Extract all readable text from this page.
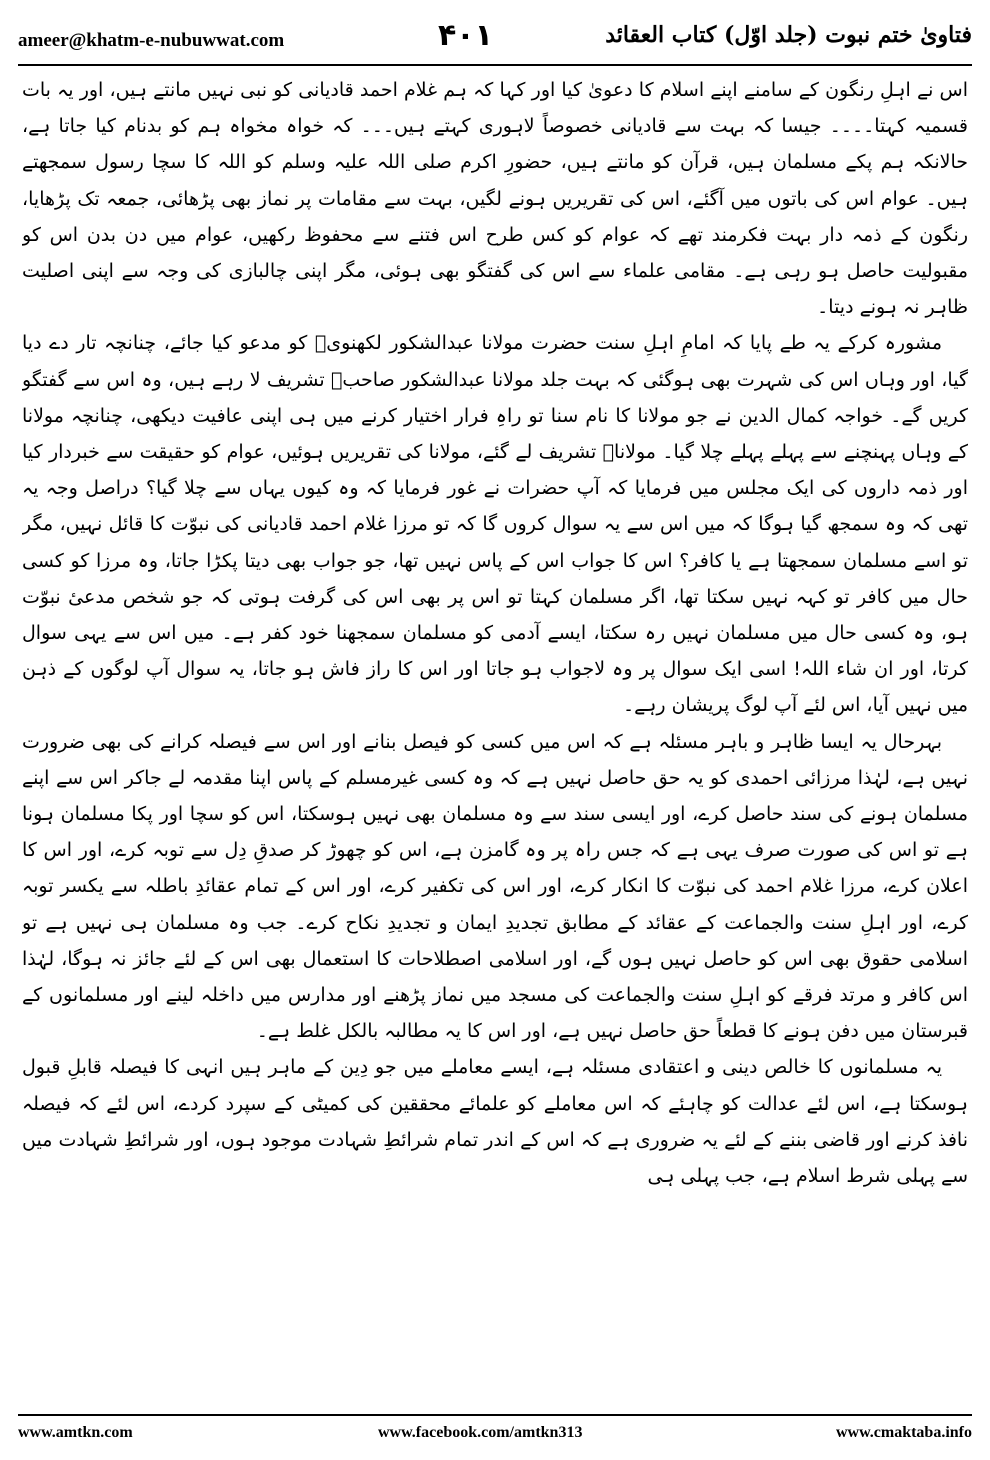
ameer@khatm-e-nubuwwat.com	۴۰۱	فتاویٰ ختم نبوت (جلد اوّل) کتاب العقائد

اس نے اہلِ رنگون کے سامنے اپنے اسلام کا دعویٰ کیا اور کہا کہ ہم غلام احمد قادیانی کو نبی نہیں مانتے ہیں، اور یہ بات قسمیہ کہتا۔۔۔۔ جیسا کہ بہت سے قادیانی خصوصاً لاہوری کہتے ہیں۔۔۔ کہ خواہ مخواہ ہم کو بدنام کیا جاتا ہے، حالانکہ ہم پکے مسلمان ہیں، قرآن کو مانتے ہیں، حضورِ اکرم صلی اللہ علیہ وسلم کو اللہ کا سچا رسول سمجھتے ہیں۔ عوام اس کی باتوں میں آگئے، اس کی تقریریں ہونے لگیں، بہت سے مقامات پر نماز بھی پڑھائی، جمعہ تک پڑھایا، رنگون کے ذمہ دار بہت فکرمند تھے کہ عوام کو کس طرح اس فتنے سے محفوظ رکھیں، عوام میں دن بدن اس کو مقبولیت حاصل ہو رہی ہے۔ مقامی علماء سے اس کی گفتگو بھی ہوئی، مگر اپنی چالبازی کی وجہ سے اپنی اصلیت ظاہر نہ ہونے دیتا۔

مشورہ کرکے یہ طے پایا کہ امامِ اہلِ سنت حضرت مولانا عبدالشکور لکھنویؒ کو مدعو کیا جائے، چنانچہ تار دے دیا گیا، اور وہاں اس کی شہرت بھی ہوگئی کہ بہت جلد مولانا عبدالشکور صاحبؒ تشریف لا رہے ہیں، وہ اس سے گفتگو کریں گے۔ خواجہ کمال الدین نے جو مولانا کا نام سنا تو راہِ فرار اختیار کرنے میں ہی اپنی عافیت دیکھی، چنانچہ مولانا کے وہاں پہنچنے سے پہلے پہلے چلا گیا۔ مولاناؒ تشریف لے گئے، مولانا کی تقریریں ہوئیں، عوام کو حقیقت سے خبردار کیا اور ذمہ داروں کی ایک مجلس میں فرمایا کہ آپ حضرات نے غور فرمایا کہ وہ کیوں یہاں سے چلا گیا؟ دراصل وجہ یہ تھی کہ وہ سمجھ گیا ہوگا کہ میں اس سے یہ سوال کروں گا کہ تو مرزا غلام احمد قادیانی کی نبوّت کا قائل نہیں، مگر تو اسے مسلمان سمجھتا ہے یا کافر؟ اس کا جواب اس کے پاس نہیں تھا، جو جواب بھی دیتا پکڑا جاتا، وہ مرزا کو کسی حال میں کافر تو کہہ نہیں سکتا تھا، اگر مسلمان کہتا تو اس پر بھی اس کی گرفت ہوتی کہ جو شخص مدعیٔ نبوّت ہو، وہ کسی حال میں مسلمان نہیں رہ سکتا، ایسے آدمی کو مسلمان سمجھنا خود کفر ہے۔ میں اس سے یہی سوال کرتا، اور ان شاء اللہ! اسی ایک سوال پر وہ لاجواب ہو جاتا اور اس کا راز فاش ہو جاتا، یہ سوال آپ لوگوں کے ذہن میں نہیں آیا، اس لئے آپ لوگ پریشان رہے۔

بہرحال یہ ایسا ظاہر و باہر مسئلہ ہے کہ اس میں کسی کو فیصل بنانے اور اس سے فیصلہ کرانے کی بھی ضرورت نہیں ہے، لہٰذا مرزائی احمدی کو یہ حق حاصل نہیں ہے کہ وہ کسی غیرمسلم کے پاس اپنا مقدمہ لے جاکر اس سے اپنے مسلمان ہونے کی سند حاصل کرے، اور ایسی سند سے وہ مسلمان بھی نہیں ہوسکتا، اس کو سچا اور پکا مسلمان ہونا ہے تو اس کی صورت صرف یہی ہے کہ جس راہ پر وہ گامزن ہے، اس کو چھوڑ کر صدقِ دِل سے توبہ کرے، اور اس کا اعلان کرے، مرزا غلام احمد کی نبوّت کا انکار کرے، اور اس کی تکفیر کرے، اور اس کے تمام عقائدِ باطلہ سے یکسر توبہ کرے، اور اہلِ سنت والجماعت کے عقائد کے مطابق تجدیدِ ایمان و تجدیدِ نکاح کرے۔ جب وہ مسلمان ہی نہیں ہے تو اسلامی حقوق بھی اس کو حاصل نہیں ہوں گے، اور اسلامی اصطلاحات کا استعمال بھی اس کے لئے جائز نہ ہوگا، لہٰذا اس کافر و مرتد فرقے کو اہلِ سنت والجماعت کی مسجد میں نماز پڑھنے اور مدارس میں داخلہ لینے اور مسلمانوں کے قبرستان میں دفن ہونے کا قطعاً حق حاصل نہیں ہے، اور اس کا یہ مطالبہ بالکل غلط ہے۔

یہ مسلمانوں کا خالص دینی و اعتقادی مسئلہ ہے، ایسے معاملے میں جو دِین کے ماہر ہیں انہی کا فیصلہ قابلِ قبول ہوسکتا ہے، اس لئے عدالت کو چاہئے کہ اس معاملے کو علمائے محققین کی کمیٹی کے سپرد کردے، اس لئے کہ فیصلہ نافذ کرنے اور قاضی بننے کے لئے یہ ضروری ہے کہ اس کے اندر تمام شرائطِ شہادت موجود ہوں، اور شرائطِ شہادت میں سے پہلی شرط اسلام ہے، جب پہلی ہی

www.amtkn.com	www.facebook.com/amtkn313	www.cmaktaba.info
